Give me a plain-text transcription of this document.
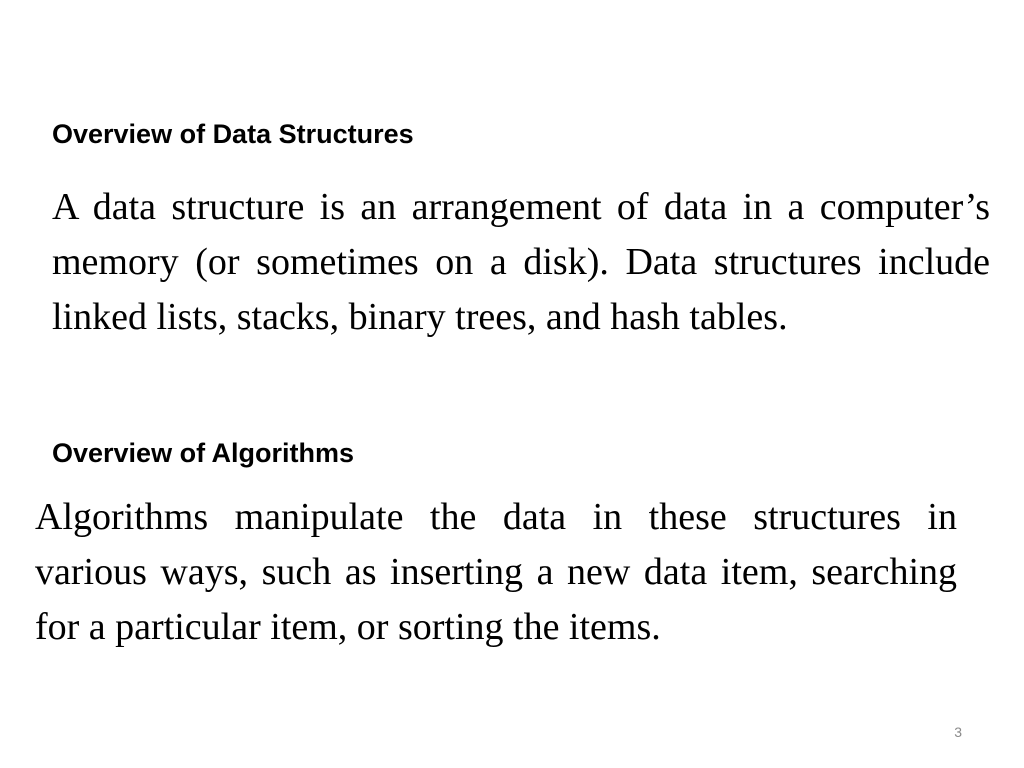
Overview of Data Structures

A data structure is an arrangement of data in a computer’s memory (or sometimes on a disk). Data structures include linked lists, stacks, binary trees, and hash tables.

Overview of Algorithms

Algorithms manipulate the data in these structures in various ways, such as inserting a new data item, searching for a particular item, or sorting the items.

3
